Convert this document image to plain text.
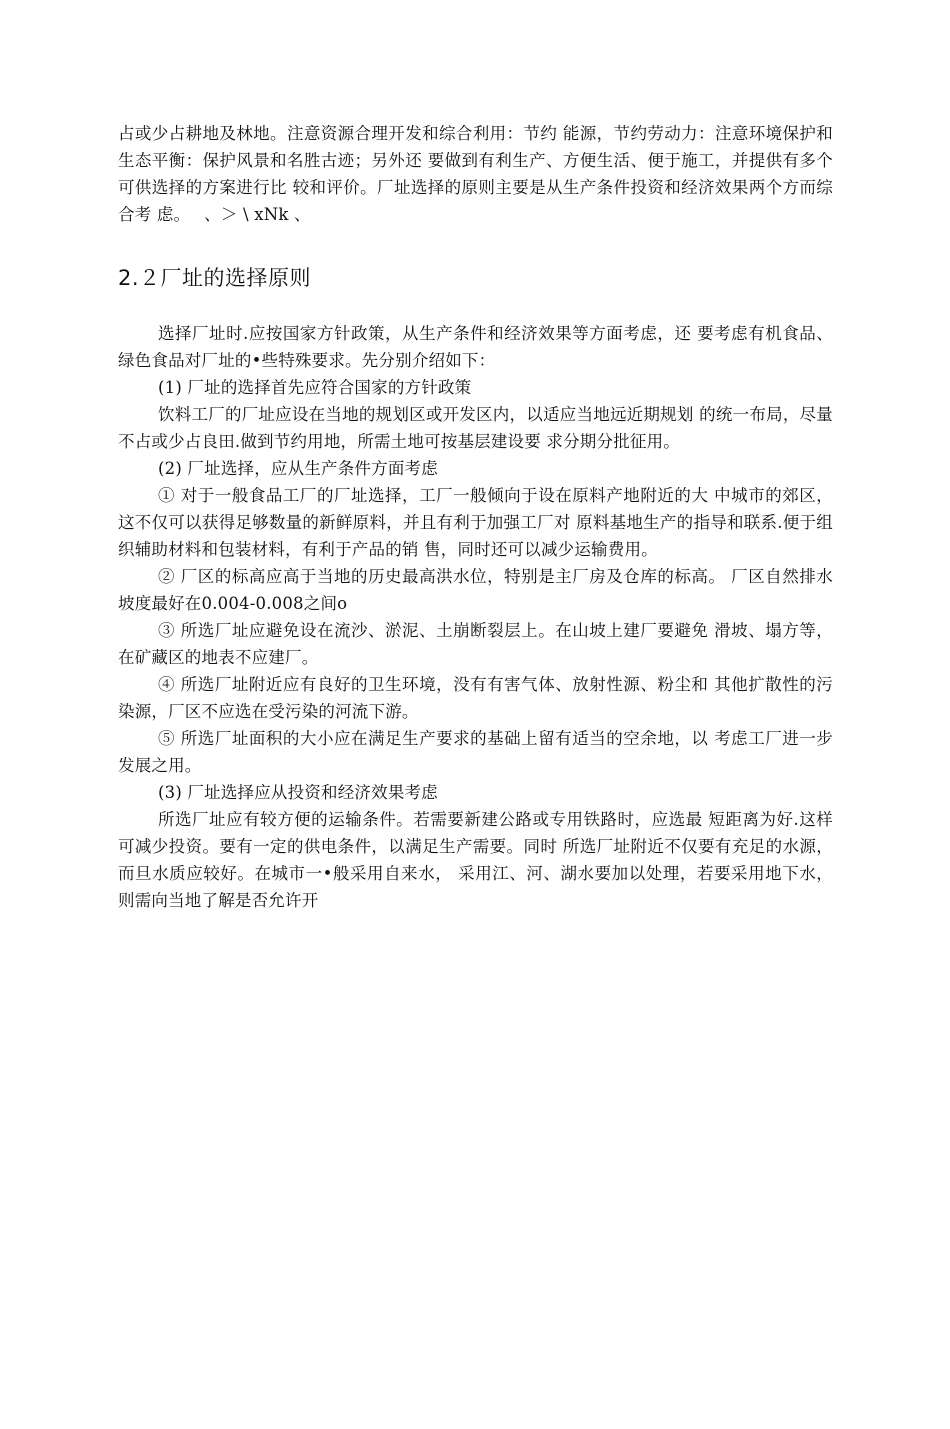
占或少占耕地及林地。注意资源合理开发和综合利用：节约 能源，节约劳动力：注意环境保护和生态平衡：保护风景和名胜古迹；另外还 要做到有利生产、方便生活、便于施工，并提供有多个可供选择的方案进行比 较和评价。厂址选择的原则主要是从生产条件投资和经济效果两个方而综合考 虑。　 、＞ \ xNk 、

2.２厂址的选择原则

选择厂址时.应按国家方针政策，从生产条件和经济效果等方面考虑，还 要考虑有机食品、绿色食品对厂址的•些特殊要求。先分别介绍如下：

(1) 厂址的选择首先应符合国家的方针政策

饮料工厂的厂址应设在当地的规划区或开发区内，以适应当地远近期规划 的统一布局，尽量不占或少占良田.做到节约用地，所需土地可按基层建设要 求分期分批征用。

(2) 厂址选择，应从生产条件方面考虑

① 对于一般食品工厂的厂址选择，工厂一般倾向于设在原料产地附近的大 中城市的郊区，这不仅可以获得足够数量的新鲜原料，并且有利于加强工厂对 原料基地生产的指导和联系.便于组织辅助材料和包装材料，有利于产品的销 售，同时还可以减少运输费用。

② 厂区的标高应高于当地的历史最高洪水位，特别是主厂房及仓库的标高。 厂区自然排水坡度最好在0.004-0.008之间o

③ 所选厂址应避免设在流沙、淤泥、土崩断裂层上。在山坡上建厂要避免 滑坡、塌方等，在矿藏区的地表不应建厂。

④ 所选厂址附近应有良好的卫生环境，没有有害气体、放射性源、粉尘和 其他扩散性的污染源，厂区不应选在受污染的河流下游。

⑤ 所选厂址面积的大小应在满足生产要求的基础上留有适当的空余地，以 考虑工厂进一步发展之用。

(3) 厂址选择应从投资和经济效果考虑

所选厂址应有较方便的运输条件。若需要新建公路或专用铁路时，应选最 短距离为好.这样可减少投资。要有一定的供电条件，以满足生产需要。同时 所选厂址附近不仅要有充足的水源，而旦水质应较好。在城市一•般采用自来水， 采用江、河、湖水要加以处理，若要采用地下水，则需向当地了解是否允许开
